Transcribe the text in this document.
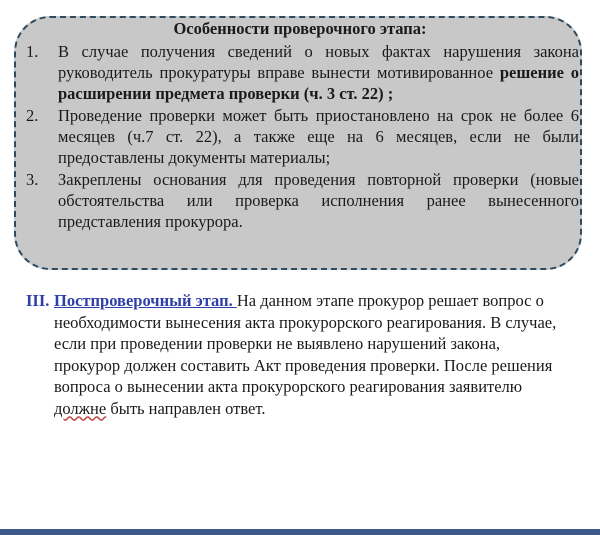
Особенности проверочного этапа:
1. В случае получения сведений о новых фактах нарушения закона руководитель прокуратуры вправе вынести мотивированное решение о расширении предмета проверки (ч. 3 ст. 22) ;
2. Проведение проверки может быть приостановлено на срок не более 6 месяцев (ч.7 ст. 22), а также еще на 6 месяцев, если не были предоставлены документы материалы;
3. Закреплены основания для проведения повторной проверки (новые обстоятельства или проверка исполнения ранее вынесенного представления прокурора.
III. Постпроверочный этап. На данном этапе прокурор решает вопрос о необходимости вынесения акта прокурорского реагирования. В случае, если при проведении проверки не выявлено нарушений закона, прокурор должен составить Акт проведения проверки. После решения вопроса о вынесении акта прокурорского реагирования заявителю должне быть направлен ответ.
